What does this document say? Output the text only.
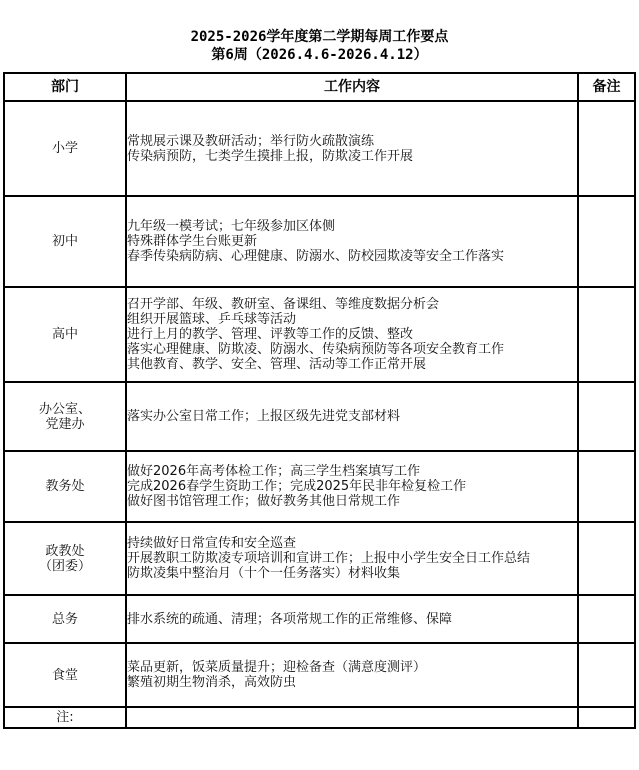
2025-2026学年度第二学期每周工作要点
第6周（2026.4.6-2026.4.12）
部门	工作内容	备注

小学	常规展示课及教研活动；举行防火疏散演练
传染病预防，七类学生摸排上报，防欺凌工作开展	

初中	九年级一模考试；七年级参加区体侧
特殊群体学生台账更新
春季传染病防病、心理健康、防溺水、防校园欺凌等安全工作落实	

高中	召开学部、年级、教研室、备课组、等维度数据分析会
组织开展篮球、乒乓球等活动
进行上月的教学、管理、评教等工作的反馈、整改
落实心理健康、防欺凌、防溺水、传染病预防等各项安全教育工作
其他教育、教学、安全、管理、活动等工作正常开展	

办公室、
党建办	落实办公室日常工作；上报区级先进党支部材料	

教务处	做好2026年高考体检工作；高三学生档案填写工作
完成2026春学生资助工作；完成2025年民非年检复检工作
做好图书馆管理工作；做好教务其他日常规工作	

政教处
（团委）	持续做好日常宣传和安全巡查
开展教职工防欺凌专项培训和宣讲工作；上报中小学生安全日工作总结
防欺凌集中整治月（十个一任务落实）材料收集	

总务	排水系统的疏通、清理；各项常规工作的正常维修、保障	

食堂	菜品更新，饭菜质量提升；迎检备查（满意度测评）
繁殖初期生物消杀，高效防虫	

注:		
